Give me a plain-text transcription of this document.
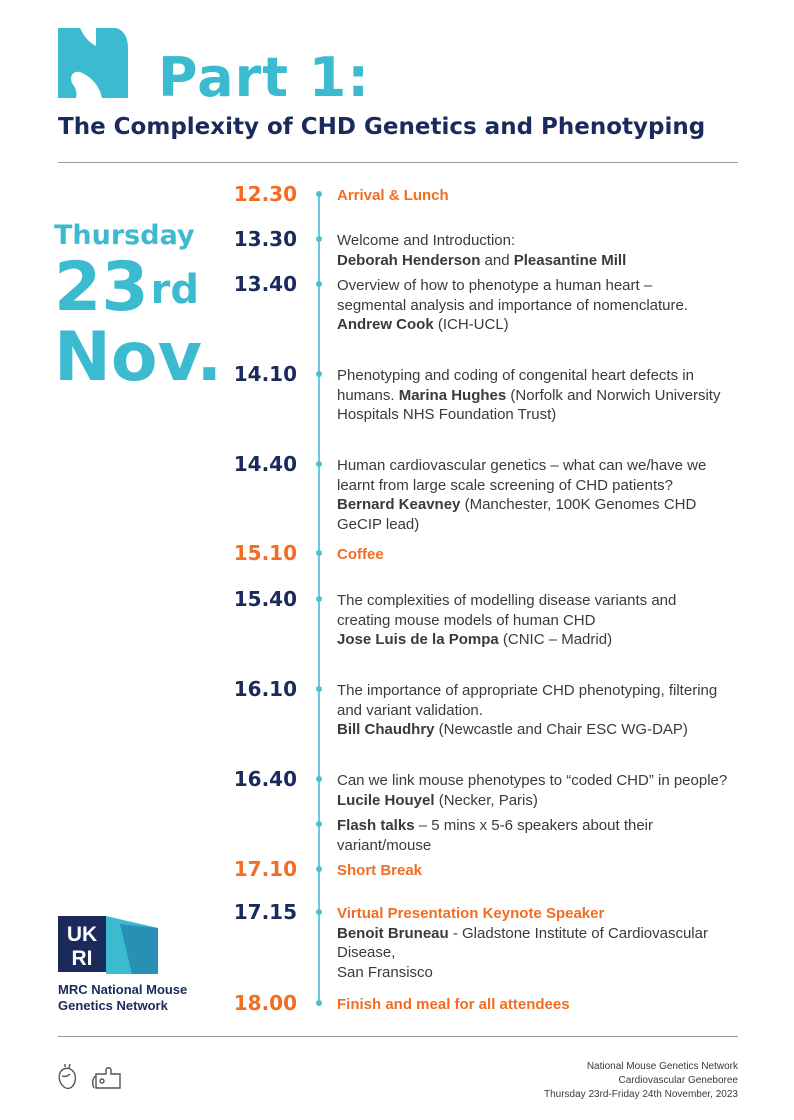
Part 1:
The Complexity of CHD Genetics and Phenotyping
Thursday
23rd
Nov.
12.30	Arrival & Lunch
13.30	Welcome and Introduction:
Deborah Henderson and Pleasantine Mill
13.40	Overview of how to phenotype a human heart –
segmental analysis and importance of nomenclature.
Andrew Cook (ICH-UCL)
14.10	Phenotyping and coding of congenital heart defects in
humans. Marina Hughes (Norfolk and Norwich University
Hospitals NHS Foundation Trust)
14.40	Human cardiovascular genetics – what can we/have we
learnt from large scale screening of CHD patients?
Bernard Keavney (Manchester, 100K Genomes CHD
GeCIP lead)
15.10	Coffee
15.40	The complexities of modelling disease variants and
creating mouse models of human CHD
Jose Luis de la Pompa (CNIC – Madrid)
16.10	The importance of appropriate CHD phenotyping, filtering
and variant validation.
Bill Chaudhry (Newcastle and Chair ESC WG-DAP)
16.40	Can we link mouse phenotypes to “coded CHD” in people?
Lucile Houyel (Necker, Paris)
Flash talks – 5 mins x 5-6 speakers about their
variant/mouse
17.10	Short Break
17.15	Virtual Presentation Keynote Speaker
Benoit Bruneau - Gladstone Institute of Cardiovascular Disease,
San Fransisco
18.00	Finish and meal for all attendees
UK
RI
MRC National Mouse
Genetics Network
National Mouse Genetics Network
Cardiovascular Geneboree
Thursday 23rd-Friday 24th November, 2023
